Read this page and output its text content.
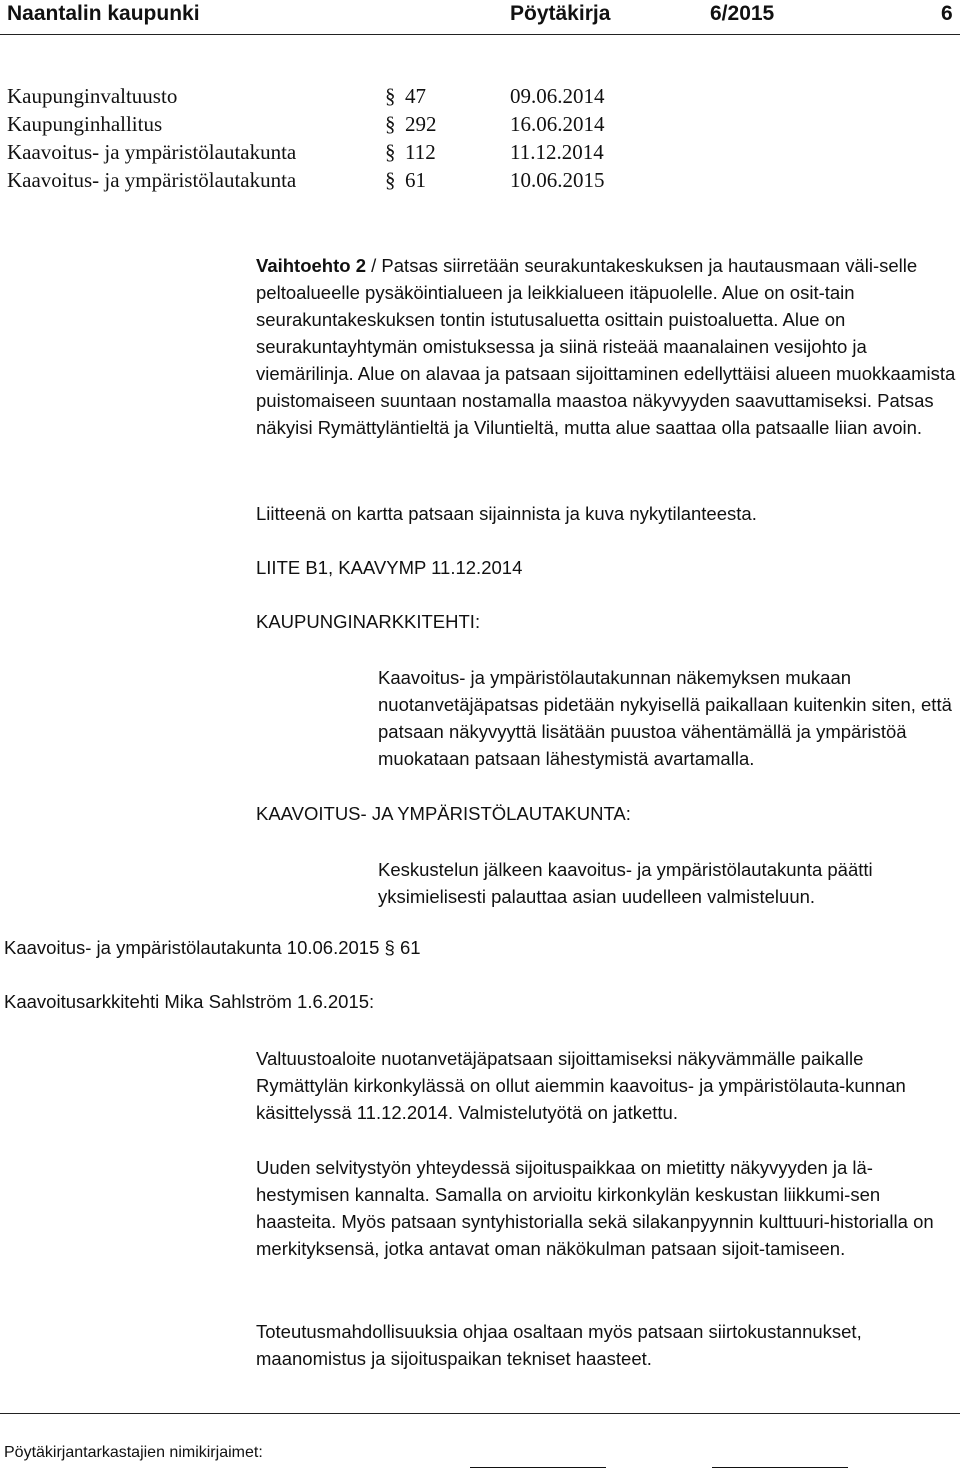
Naantalin kaupunki	Pöytäkirja	6/2015	6
Kaupunginvaltuusto	§ 47	09.06.2014
Kaupunginhallitus	§ 292	16.06.2014
Kaavoitus- ja ympäristölautakunta	§ 112	11.12.2014
Kaavoitus- ja ympäristölautakunta	§ 61	10.06.2015

Vaihtoehto 2 / Patsas siirretään seurakuntakeskuksen ja hautausmaan väli-selle peltoalueelle pysäköintialueen ja leikkialueen itäpuolelle. Alue on osit-tain seurakuntakeskuksen tontin istutusaluetta osittain puistoaluetta. Alue on seurakuntayhtymän omistuksessa ja siinä risteää maanalainen vesijohto ja viemärilinja. Alue on alavaa ja patsaan sijoittaminen edellyttäisi alueen muokkaamista puistomaiseen suuntaan nostamalla maastoa näkyvyyden saavuttamiseksi. Patsas näkyisi Rymättyläntieltä ja Viluntieltä, mutta alue saattaa olla patsaalle liian avoin.

Liitteenä on kartta patsaan sijainnista ja kuva nykytilanteesta.
LIITE B1, KAAVYMP 11.12.2014
KAUPUNGINARKKITEHTI:
Kaavoitus- ja ympäristölautakunnan näkemyksen mukaan nuotanvetäjäpatsas pidetään nykyisellä paikallaan kuitenkin siten, että patsaan näkyvyyttä lisätään puustoa vähentämällä ja ympäristöä muokataan patsaan lähestymistä avartamalla.
KAAVOITUS- JA YMPÄRISTÖLAUTAKUNTA:
Keskustelun jälkeen kaavoitus- ja ympäristölautakunta päätti yksimielisesti palauttaa asian uudelleen valmisteluun.
Kaavoitus- ja ympäristölautakunta 10.06.2015 § 61
Kaavoitusarkkitehti Mika Sahlström 1.6.2015:
Valtuustoaloite nuotanvetäjäpatsaan sijoittamiseksi näkyvämmälle paikalle Rymättylän kirkonkylässä on ollut aiemmin kaavoitus- ja ympäristölauta-kunnan käsittelyssä 11.12.2014. Valmistelutyötä on jatkettu.
Uuden selvitystyön yhteydessä sijoituspaikkaa on mietitty näkyvyyden ja lä-hestymisen kannalta. Samalla on arvioitu kirkonkylän keskustan liikkumi-sen haasteita. Myös patsaan syntyhistorialla sekä silakanpyynnin kulttuuri-historialla on merkityksensä, jotka antavat oman näkökulman patsaan sijoit-tamiseen.
Toteutusmahdollisuuksia ohjaa osaltaan myös patsaan siirtokustannukset, maanomistus ja sijoituspaikan tekniset haasteet.
Pöytäkirjantarkastajien nimikirjaimet:
